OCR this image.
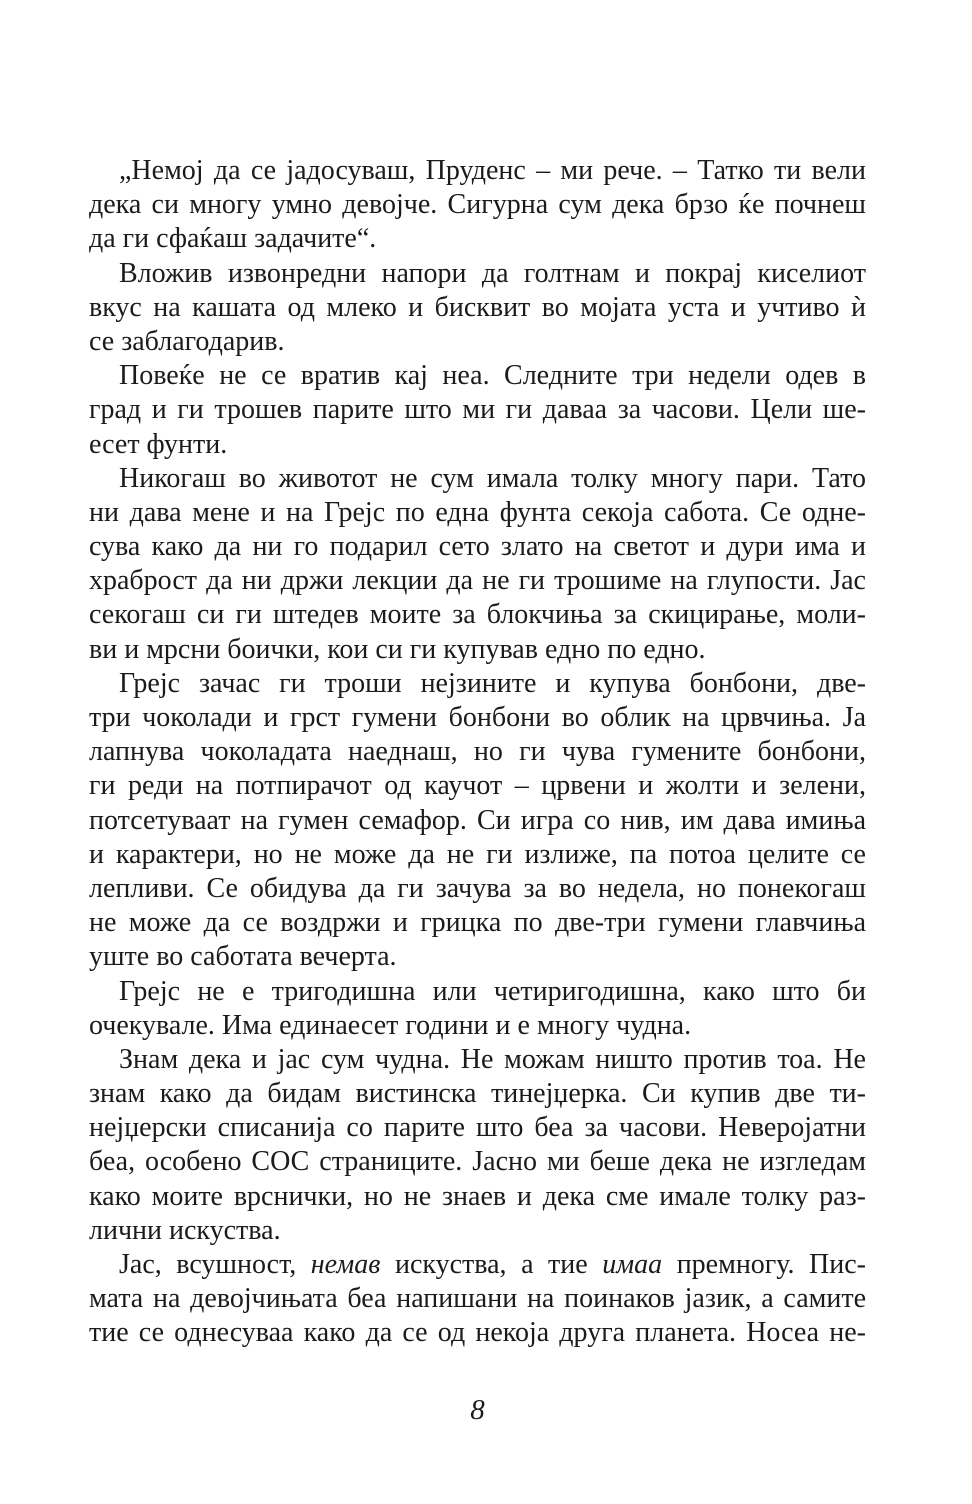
„Немој да се јадосуваш, Пруденс – ми рече. – Татко ти вели
дека си многу умно девојче. Сигурна сум дека брзо ќе почнеш
да ги сфаќаш задачите“.
Вложив извонредни напори да голтнам и покрај киселиот
вкус на кашата од млеко и бисквит во мојата уста и учтиво ѝ
се заблагодарив.
Повеќе не се вратив кај неа. Следните три недели одев в
град и ги трошев парите што ми ги даваа за часови. Цели ше-
есет фунти.
Никогаш во животот не сум имала толку многу пари. Тато
ни дава мене и на Грејс по една фунта секоја сабота. Се одне-
сува како да ни го подарил сето злато на светот и дури има и
храброст да ни држи лекции да не ги трошиме на глупости. Јас
секогаш си ги штедев моите за блокчиња за скицирање, моли-
ви и мрсни боички, кои си ги купував едно по едно.
Грејс зачас ги троши нејзините и купува бонбони, две-
три чоколади и грст гумени бонбони во облик на црвчиња. Ја
лапнува чоколадата наеднаш, но ги чува гумените бонбони,
ги реди на потпирачот од каучот – црвени и жолти и зелени,
потсетуваат на гумен семафор. Си игра со нив, им дава имиња
и карактери, но не може да не ги излиже, па потоа целите се
лепливи. Се обидува да ги зачува за во недела, но понекогаш
не може да се воздржи и грицка по две-три гумени главчиња
уште во саботата вечерта.
Грејс не е тригодишна или четиригодишна, како што би
очекувале. Има единаесет години и е многу чудна.
Знам дека и јас сум чудна. Не можам ништо против тоа. Не
знам како да бидам вистинска тинејџерка. Си купив две ти-
нејџерски списанија со парите што беа за часови. Неверојатни
беа, особено СОС страниците. Јасно ми беше дека не изгледам
како моите врснички, но не знаев и дека сме имале толку раз-
лични искуства.
Јас, всушност, немав искуства, а тие имаа премногу. Пис-
мата на девојчињата беа напишани на поинаков јазик, а самите
тие се однесуваа како да се од некоја друга планета. Носеа не-
8
